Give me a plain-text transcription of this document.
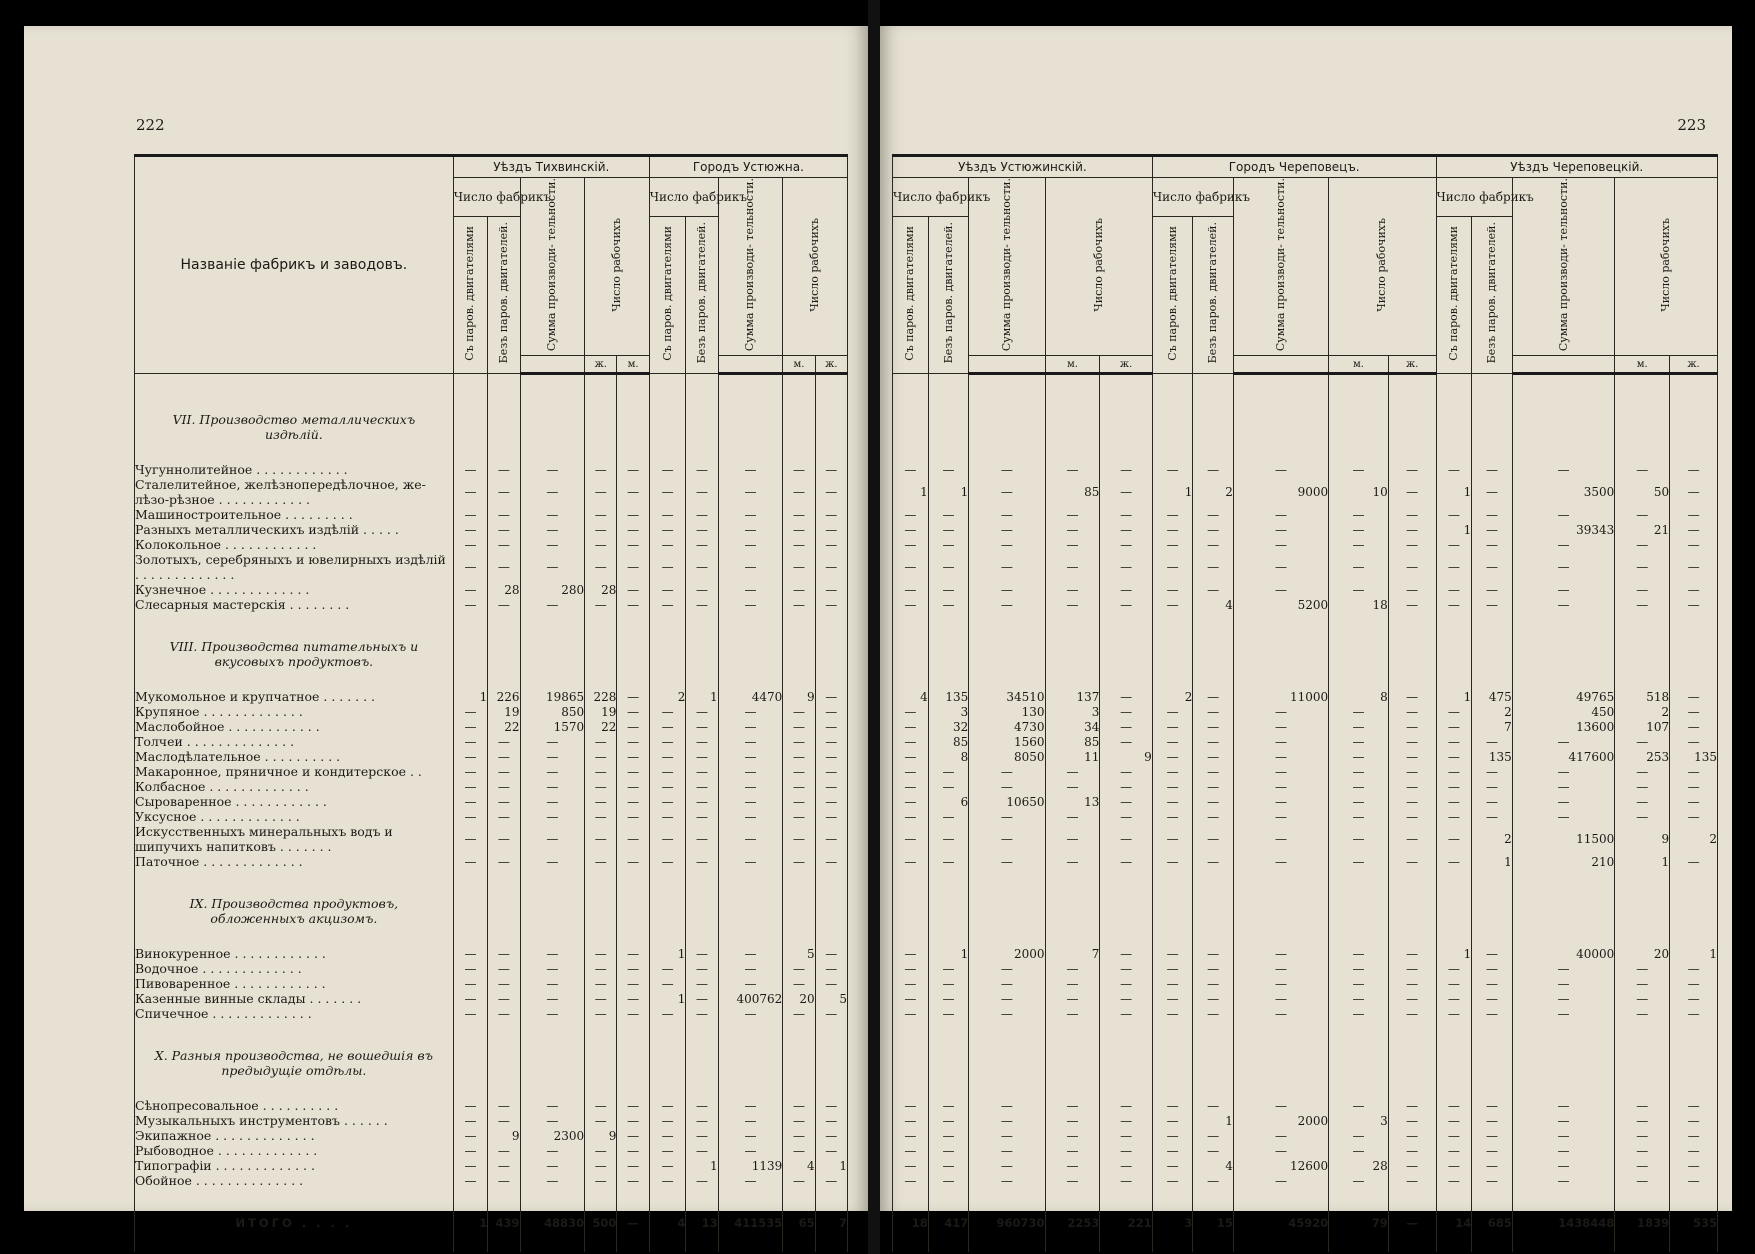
222
Названіе фабрикъ и заводовъ.	Уѣздъ Тихвинскій.					Городъ Устюжна.				
	Число фабрикъ		Сумма производи- тельности.	Число рабочихъ		Число фабрикъ		Сумма производи- тельности.	Число рабочихъ	
	Съ паров. двигателями	Безъ паров. двигателей.				Съ паров. двигателями	Безъ паров. двигателей.			
				ж.	м.				м.	ж.

VII. Производство металлическихъ издѣлій.										

Чугуннолитейное . . . . . . . . . . . .	—	—	—	—	—	—	—	—	—	—
Сталелитейное, желѣзнопередѣлочное, же- лѣзо-рѣзное . . . . . . . . . . . .	—	—	—	—	—	—	—	—	—	—
Машиностроительное . . . . . . . . .	—	—	—	—	—	—	—	—	—	—
Разныхъ металлическихъ издѣлій . . . . .	—	—	—	—	—	—	—	—	—	—
Колокольное . . . . . . . . . . . .	—	—	—	—	—	—	—	—	—	—
Золотыхъ, серебряныхъ и ювелирныхъ издѣлій . . . . . . . . . . . . .	—	—	—	—	—	—	—	—	—	—
Кузнечное . . . . . . . . . . . . .	—	28	280	28	—	—	—	—	—	—
Слесарныя мастерскія . . . . . . . .	—	—	—	—	—	—	—	—	—	—

VIII. Производства питательныхъ и вкусовыхъ продуктовъ.										

Мукомольное и крупчатное . . . . . . .	1	226	19865	228	—	2	1	4470	9	—
Крупяное . . . . . . . . . . . . .	—	19	850	19	—	—	—	—	—	—
Маслобойное . . . . . . . . . . . .	—	22	1570	22	—	—	—	—	—	—
Толчеи . . . . . . . . . . . . . .	—	—	—	—	—	—	—	—	—	—
Маслодѣлательное . . . . . . . . . .	—	—	—	—	—	—	—	—	—	—
Макаронное, пряничное и кондитерское . .	—	—	—	—	—	—	—	—	—	—
Колбасное . . . . . . . . . . . . .	—	—	—	—	—	—	—	—	—	—
Сыроваренное . . . . . . . . . . . .	—	—	—	—	—	—	—	—	—	—
Уксусное . . . . . . . . . . . . .	—	—	—	—	—	—	—	—	—	—
Искусственныхъ минеральныхъ водъ и шипучихъ напитковъ . . . . . . .	—	—	—	—	—	—	—	—	—	—
Паточное . . . . . . . . . . . . .	—	—	—	—	—	—	—	—	—	—

IX. Производства продуктовъ, обложенныхъ акцизомъ.										

Винокуренное . . . . . . . . . . . .	—	—	—	—	—	1	—	—	5	—
Водочное . . . . . . . . . . . . .	—	—	—	—	—	—	—	—	—	—
Пивоваренное . . . . . . . . . . . .	—	—	—	—	—	—	—	—	—	—
Казенные винные склады . . . . . . .	—	—	—	—	—	1	—	400762	20	5
Спичечное . . . . . . . . . . . . .	—	—	—	—	—	—	—	—	—	—

X. Разныя производства, не вошедшія въ предыдущіе отдѣлы.										

Сѣнопресовальное . . . . . . . . . .	—	—	—	—	—	—	—	—	—	—
Музыкальныхъ инструментовъ . . . . . .	—	—	—	—	—	—	—	—	—	—
Экипажное . . . . . . . . . . . . .	—	9	2300	9	—	—	—	—	—	—
Рыбоводное . . . . . . . . . . . . .	—	—	—	—	—	—	—	—	—	—
Типографіи . . . . . . . . . . . . .	—	—	—	—	—	—	1	1139	4	1
Обойное . . . . . . . . . . . . . .	—	—	—	—	—	—	—	—	—	—

ИТОГО . . . .	1	439	48830	500	—	4	13	411535	65	7

223
Уѣздъ Устюжинскій.					Городъ Череповецъ.					Уѣздъ Череповецкій.				
Число фабрикъ		Сумма производи- тельности.	Число рабочихъ		Число фабрикъ		Сумма производи- тельности.	Число рабочихъ		Число фабрикъ		Сумма производи- тельности.	Число рабочихъ	
Съ паров. двигателями	Безъ паров. двигателей.				Съ паров. двигателями	Безъ паров. двигателей.				Съ паров. двигателями	Безъ паров. двигателей.			
			м.	ж.				м.	ж.				м.	ж.

—	—	—	—	—	—	—	—	—	—	—	—	—	—	—
1	1	—	85	—	1	2	9000	10	—	1	—	3500	50	—
—	—	—	—	—	—	—	—	—	—	—	—	—	—	—
—	—	—	—	—	—	—	—	—	—	1	—	39343	21	—
—	—	—	—	—	—	—	—	—	—	—	—	—	—	—
—	—	—	—	—	—	—	—	—	—	—	—	—	—	—
—	—	—	—	—	—	—	—	—	—	—	—	—	—	—
—	—	—	—	—	—	4	5200	18	—	—	—	—	—	—

4	135	34510	137	—	2	—	11000	8	—	1	475	49765	518	—
—	3	130	3	—	—	—	—	—	—	—	2	450	2	—
—	32	4730	34	—	—	—	—	—	—	—	7	13600	107	—
—	85	1560	85	—	—	—	—	—	—	—	—	—	—	—
—	8	8050	11	9	—	—	—	—	—	—	135	417600	253	135
—	—	—	—	—	—	—	—	—	—	—	—	—	—	—
—	—	—	—	—	—	—	—	—	—	—	—	—	—	—
—	6	10650	13	—	—	—	—	—	—	—	—	—	—	—
—	—	—	—	—	—	—	—	—	—	—	—	—	—	—
—	—	—	—	—	—	—	—	—	—	—	2	11500	9	2
—	—	—	—	—	—	—	—	—	—	—	1	210	1	—

—	1	2000	7	—	—	—	—	—	—	1	—	40000	20	1
—	—	—	—	—	—	—	—	—	—	—	—	—	—	—
—	—	—	—	—	—	—	—	—	—	—	—	—	—	—
—	—	—	—	—	—	—	—	—	—	—	—	—	—	—
—	—	—	—	—	—	—	—	—	—	—	—	—	—	—

—	—	—	—	—	—	—	—	—	—	—	—	—	—	—
—	—	—	—	—	—	1	2000	3	—	—	—	—	—	—
—	—	—	—	—	—	—	—	—	—	—	—	—	—	—
—	—	—	—	—	—	—	—	—	—	—	—	—	—	—
—	—	—	—	—	—	4	12600	28	—	—	—	—	—	—
—	—	—	—	—	—	—	—	—	—	—	—	—	—	—

18	417	960730	2253	221	3	15	45920	79	—	14	685	1438448	1839	535
